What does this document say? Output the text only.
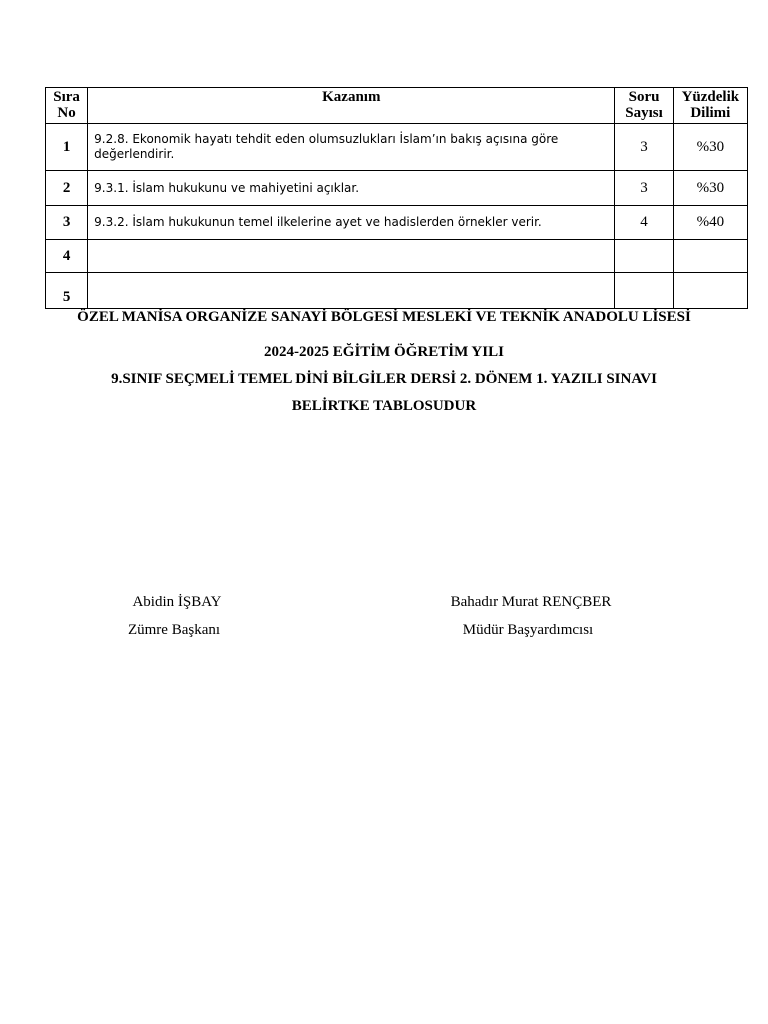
Sıra No	Kazanım	Soru Sayısı	Yüzdelik Dilimi
1	9.2.8. Ekonomik hayatı tehdit eden olumsuzlukları İslam’ın bakış açısına göre değerlendirir.	3	%30
2	9.3.1. İslam hukukunu ve mahiyetini açıklar.	3	%30
3	9.3.2. İslam hukukunun temel ilkelerine ayet ve hadislerden örnekler verir.	4	%40
4			
5			
ÖZEL MANİSA ORGANİZE SANAYİ BÖLGESİ MESLEKİ VE TEKNİK ANADOLU LİSESİ
2024-2025 EĞİTİM ÖĞRETİM YILI
9.SINIF SEÇMELİ TEMEL DİNİ BİLGİLER DERSİ 2. DÖNEM 1. YAZILI SINAVI
BELİRTKE TABLOSUDUR
Abidin İŞBAY
Zümre Başkanı
Bahadır Murat RENÇBER
Müdür Başyardımcısı
